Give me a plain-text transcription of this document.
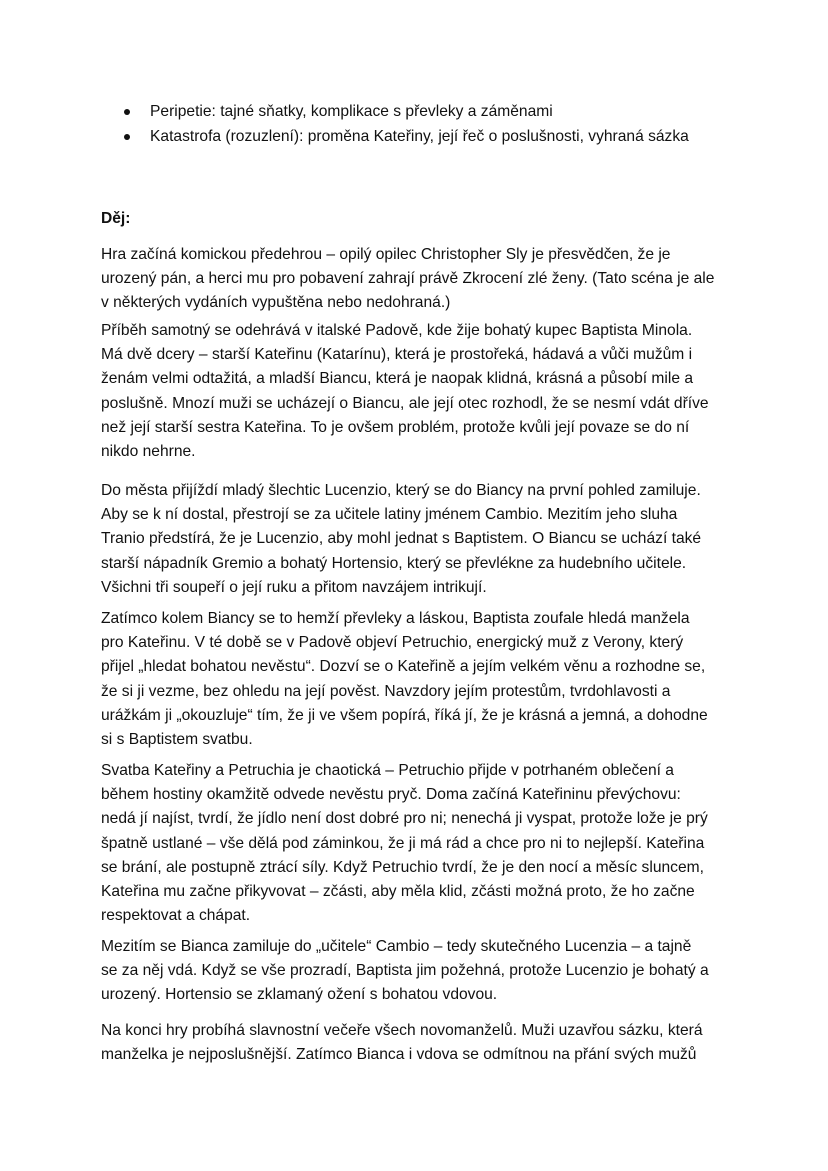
Peripetie: tajné sňatky, komplikace s převleky a záměnami
Katastrofa (rozuzlení): proměna Kateřiny, její řeč o poslušnosti, vyhraná sázka
Děj:
Hra začíná komickou předehrou – opilý opilec Christopher Sly je přesvědčen, že je
urozený pán, a herci mu pro pobavení zahrají právě Zkrocení zlé ženy. (Tato scéna je ale
v některých vydáních vypuštěna nebo nedohraná.)
Příběh samotný se odehrává v italské Padově, kde žije bohatý kupec Baptista Minola.
Má dvě dcery – starší Kateřinu (Katarínu), která je prostořeká, hádavá a vůči mužům i
ženám velmi odtažitá, a mladší Biancu, která je naopak klidná, krásná a působí mile a
poslušně. Mnozí muži se ucházejí o Biancu, ale její otec rozhodl, že se nesmí vdát dříve
než její starší sestra Kateřina. To je ovšem problém, protože kvůli její povaze se do ní
nikdo nehrne.
Do města přijíždí mladý šlechtic Lucenzio, který se do Biancy na první pohled zamiluje.
Aby se k ní dostal, přestrojí se za učitele latiny jménem Cambio. Mezitím jeho sluha
Tranio předstírá, že je Lucenzio, aby mohl jednat s Baptistem. O Biancu se uchází také
starší nápadník Gremio a bohatý Hortensio, který se převlékne za hudebního učitele.
Všichni tři soupeří o její ruku a přitom navzájem intrikují.
Zatímco kolem Biancy se to hemží převleky a láskou, Baptista zoufale hledá manžela
pro Kateřinu. V té době se v Padově objeví Petruchio, energický muž z Verony, který
přijel „hledat bohatou nevěstu“. Dozví se o Kateřině a jejím velkém věnu a rozhodne se,
že si ji vezme, bez ohledu na její pověst. Navzdory jejím protestům, tvrdohlavosti a
urážkám ji „okouzluje“ tím, že ji ve všem popírá, říká jí, že je krásná a jemná, a dohodne
si s Baptistem svatbu.
Svatba Kateřiny a Petruchia je chaotická – Petruchio přijde v potrhaném oblečení a
během hostiny okamžitě odvede nevěstu pryč. Doma začíná Kateřininu převýchovu:
nedá jí najíst, tvrdí, že jídlo není dost dobré pro ni; nenechá ji vyspat, protože lože je prý
špatně ustlané – vše dělá pod záminkou, že ji má rád a chce pro ni to nejlepší. Kateřina
se brání, ale postupně ztrácí síly. Když Petruchio tvrdí, že je den nocí a měsíc sluncem,
Kateřina mu začne přikyvovat – zčásti, aby měla klid, zčásti možná proto, že ho začne
respektovat a chápat.
Mezitím se Bianca zamiluje do „učitele“ Cambio – tedy skutečného Lucenzia – a tajně
se za něj vdá. Když se vše prozradí, Baptista jim požehná, protože Lucenzio je bohatý a
urozený. Hortensio se zklamaný ožení s bohatou vdovou.
Na konci hry probíhá slavnostní večeře všech novomanželů. Muži uzavřou sázku, která
manželka je nejposlušnější. Zatímco Bianca i vdova se odmítnou na přání svých mužů
